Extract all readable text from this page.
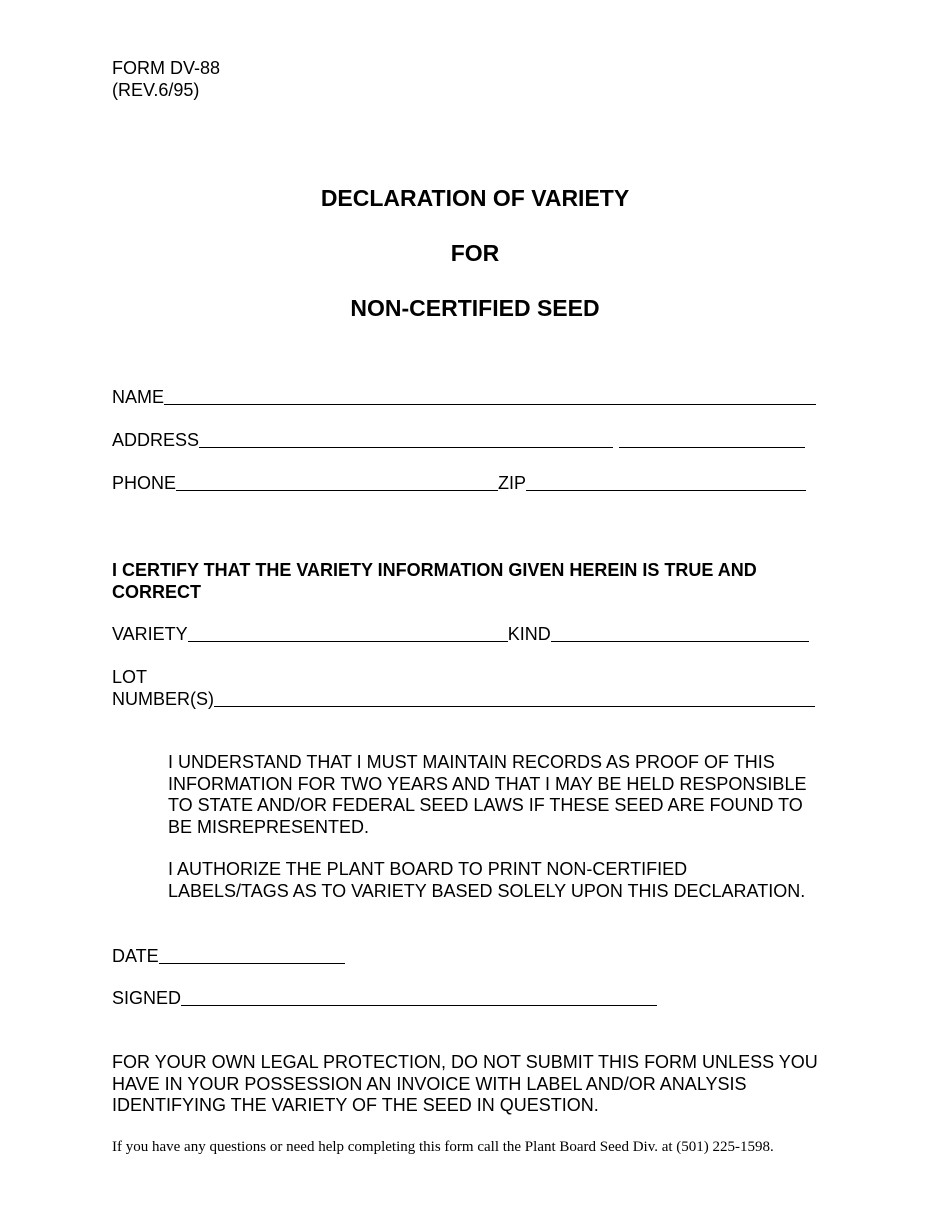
FORM DV-88
(REV.6/95)
DECLARATION OF VARIETY
FOR
NON-CERTIFIED SEED
NAME
ADDRESS
PHONE	ZIP
I CERTIFY THAT THE VARIETY INFORMATION GIVEN HEREIN IS TRUE AND CORRECT
VARIETY	KIND
LOT
NUMBER(S)
I UNDERSTAND THAT I MUST MAINTAIN RECORDS AS PROOF OF THIS INFORMATION FOR TWO YEARS AND THAT I MAY BE HELD RESPONSIBLE TO STATE AND/OR FEDERAL SEED LAWS IF THESE SEED ARE FOUND TO BE MISREPRESENTED.
I AUTHORIZE THE PLANT BOARD TO PRINT NON-CERTIFIED LABELS/TAGS AS TO VARIETY BASED SOLELY UPON THIS DECLARATION.
DATE
SIGNED
FOR YOUR OWN LEGAL PROTECTION, DO NOT SUBMIT THIS FORM UNLESS YOU HAVE IN YOUR POSSESSION AN INVOICE WITH LABEL AND/OR ANALYSIS IDENTIFYING THE VARIETY OF THE SEED IN QUESTION.
If you have any questions or need help completing this form call the Plant Board Seed Div. at (501) 225-1598.
